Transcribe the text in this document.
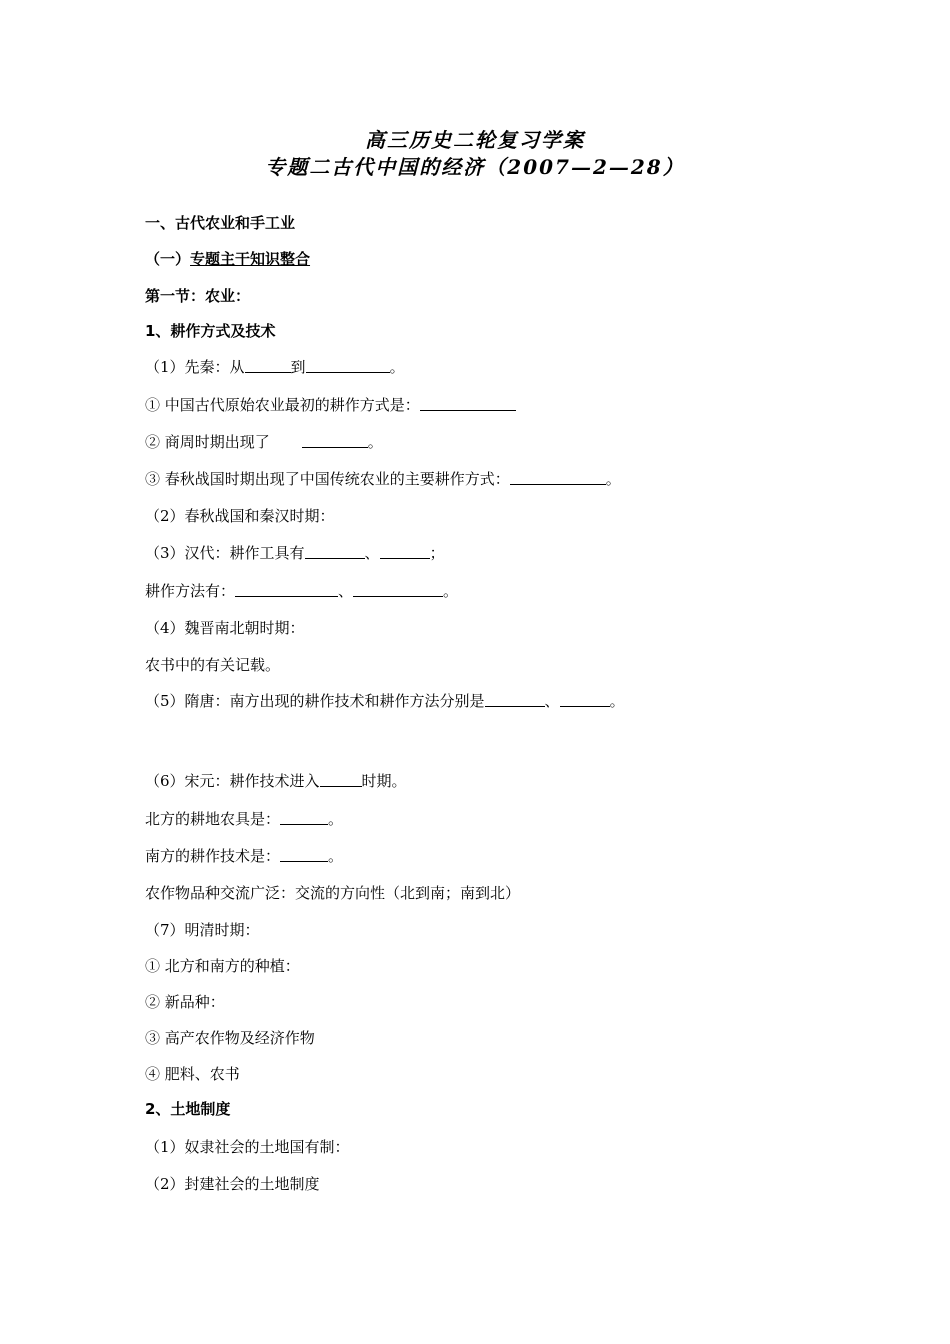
高三历史二轮复习学案
专题二古代中国的经济（2007—2—28）
一、古代农业和手工业
（一）专题主干知识整合
第一节：农业：
1、耕作方式及技术
（1）先秦：从	到	。
① 中国古代原始农业最初的耕作方式是：
② 商周时期出现了	。
③ 春秋战国时期出现了中国传统农业的主要耕作方式：	。
（2）春秋战国和秦汉时期：
（3）汉代：耕作工具有	、	；
耕作方法有：	、	。
（4）魏晋南北朝时期：
农书中的有关记载。
（5）隋唐：南方出现的耕作技术和耕作方法分别是	、	。
（6）宋元：耕作技术进入	时期。
北方的耕地农具是：	。
南方的耕作技术是：	。
农作物品种交流广泛：交流的方向性（北到南；南到北）
（7）明清时期：
① 北方和南方的种植：
② 新品种：
③ 高产农作物及经济作物
④ 肥料、农书
2、土地制度
（1）奴隶社会的土地国有制：
（2）封建社会的土地制度
